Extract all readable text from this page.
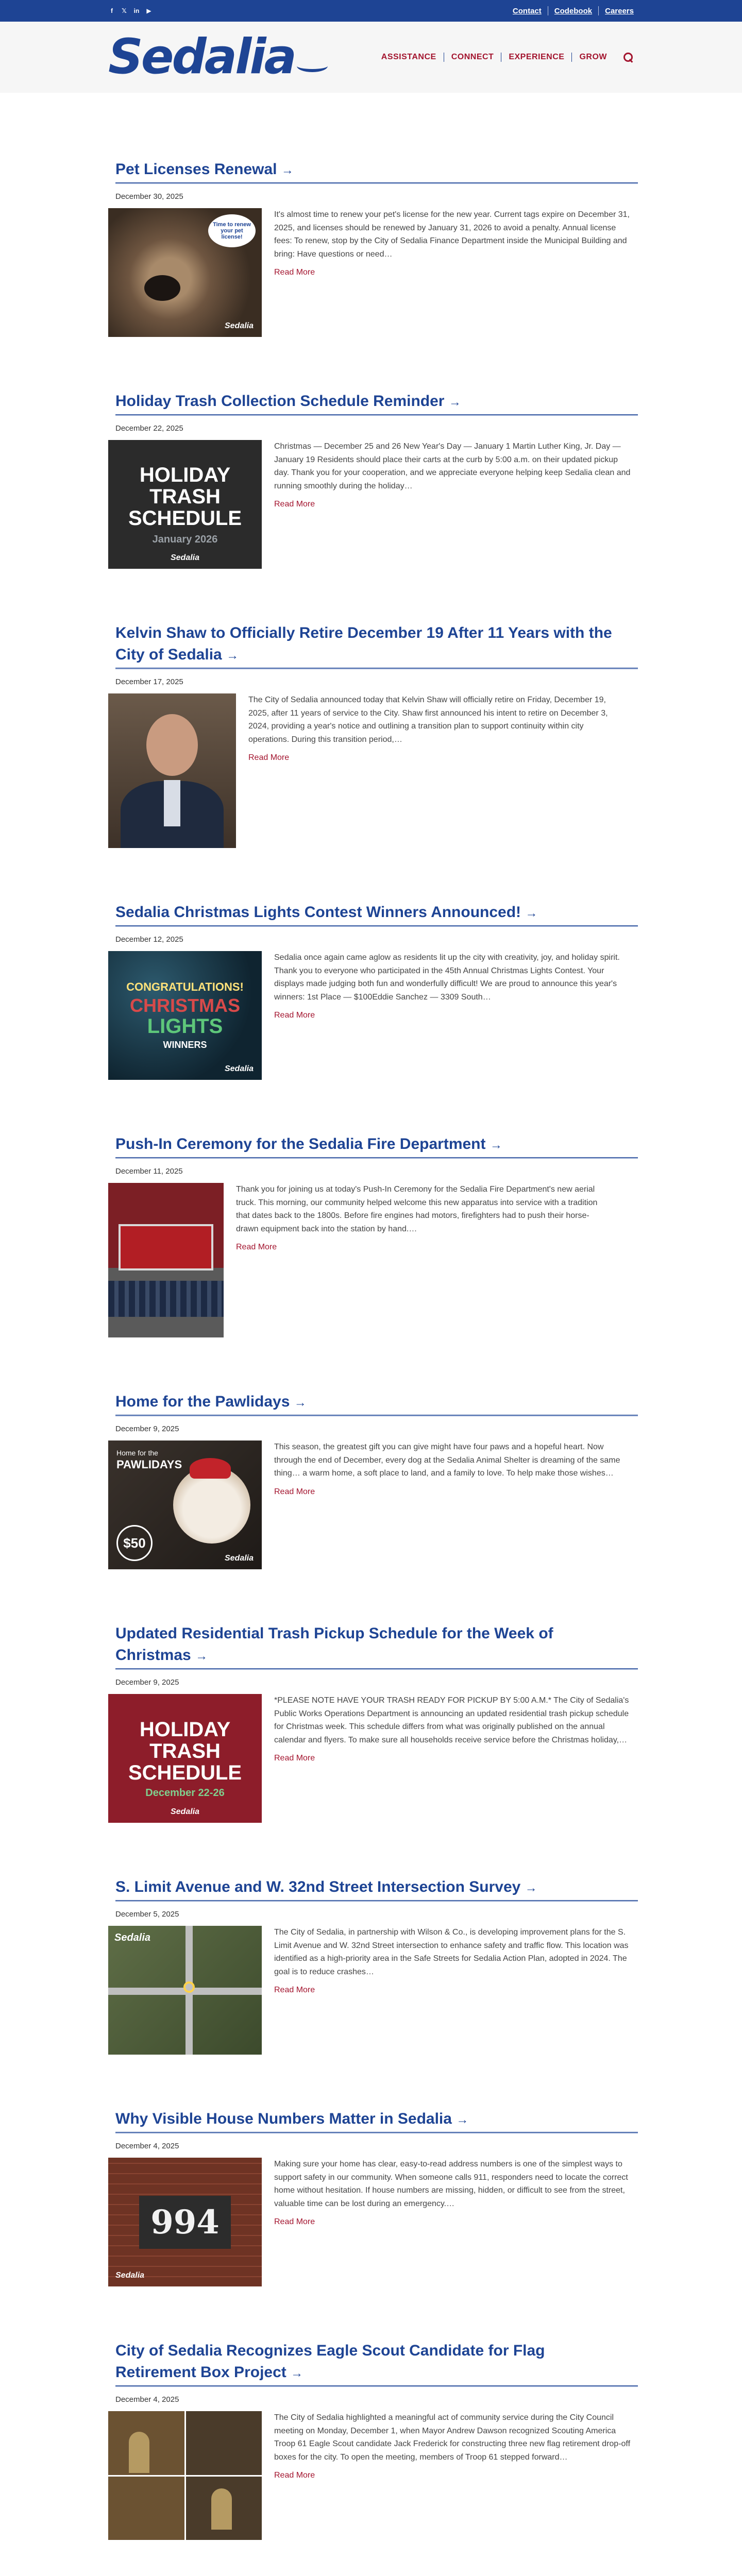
f	𝕏 in ▶	Contact Codebook Careers
Sedalia	ASSISTANCE	CONNECT	EXPERIENCE	GROW
Pet Licenses Renewal →
December 30, 2025
Time to renew your pet license!
Sedalia

It's almost time to renew your pet's license for the new year. Current tags expire on December 31, 2025, and licenses should be renewed by January 31, 2026 to avoid a penalty. Annual license fees: To renew, stop by the City of Sedalia Finance Department inside the Municipal Building and bring: Have questions or need…

Read More
Holiday Trash Collection Schedule Reminder →
December 22, 2025
HOLIDAY
TRASH
SCHEDULE
January 2026
Sedalia

Christmas — December 25 and 26 New Year's Day — January 1 Martin Luther King, Jr. Day — January 19 Residents should place their carts at the curb by 5:00 a.m. on their updated pickup day. Thank you for your cooperation, and we appreciate everyone helping keep Sedalia clean and running smoothly during the holiday…

Read More
Kelvin Shaw to Officially Retire December 19 After 11 Years with the City of Sedalia →
December 17, 2025

The City of Sedalia announced today that Kelvin Shaw will officially retire on Friday, December 19, 2025, after 11 years of service to the City. Shaw first announced his intent to retire on December 3, 2024, providing a year's notice and outlining a transition plan to support continuity within city operations. During this transition period,…

Read More
Sedalia Christmas Lights Contest Winners Announced! →
December 12, 2025
CONGRATULATIONS!
CHRISTMAS
LIGHTS
WINNERS
Sedalia

Sedalia once again came aglow as residents lit up the city with creativity, joy, and holiday spirit. Thank you to everyone who participated in the 45th Annual Christmas Lights Contest. Your displays made judging both fun and wonderfully difficult! We are proud to announce this year's winners: 1st Place — $100Eddie Sanchez — 3309 South…

Read More
Push-In Ceremony for the Sedalia Fire Department →
December 11, 2025

Thank you for joining us at today's Push-In Ceremony for the Sedalia Fire Department's new aerial truck. This morning, our community helped welcome this new apparatus into service with a tradition that dates back to the 1800s. Before fire engines had motors, firefighters had to push their horse-drawn equipment back into the station by hand.…

Read More
Home for the Pawlidays →
December 9, 2025
Home for the
PAWLIDAYS
$50
Sedalia

This season, the greatest gift you can give might have four paws and a hopeful heart. Now through the end of December, every dog at the Sedalia Animal Shelter is dreaming of the same thing… a warm home, a soft place to land, and a family to love. To help make those wishes…

Read More
Updated Residential Trash Pickup Schedule for the Week of Christmas →
December 9, 2025
HOLIDAY
TRASH
SCHEDULE
December 22-26
Sedalia

*PLEASE NOTE HAVE YOUR TRASH READY FOR PICKUP BY 5:00 A.M.* The City of Sedalia's Public Works Operations Department is announcing an updated residential trash pickup schedule for Christmas week. This schedule differs from what was originally published on the annual calendar and flyers. To make sure all households receive service before the Christmas holiday,…

Read More
S. Limit Avenue and W. 32nd Street Intersection Survey →
December 5, 2025
Sedalia	The City of Sedalia, in partnership with Wilson & Co., is developing improvement plans for the S. Limit Avenue and W. 32nd Street intersection to enhance safety and traffic flow. This location was identified as a high-priority area in the Safe Streets for Sedalia Action Plan, adopted in 2024. The goal is to reduce crashes…

Read More
Why Visible House Numbers Matter in Sedalia →
December 4, 2025
994
Sedalia

Making sure your home has clear, easy-to-read address numbers is one of the simplest ways to support safety in our community. When someone calls 911, responders need to locate the correct home without hesitation. If house numbers are missing, hidden, or difficult to see from the street, valuable time can be lost during an emergency.…

Read More
City of Sedalia Recognizes Eagle Scout Candidate for Flag Retirement Box Project →
December 4, 2025

The City of Sedalia highlighted a meaningful act of community service during the City Council meeting on Monday, December 1, when Mayor Andrew Dawson recognized Scouting America Troop 61 Eagle Scout candidate Jack Frederick for constructing three new flag retirement drop-off boxes for the city. To open the meeting, members of Troop 61 stepped forward…

Read More
